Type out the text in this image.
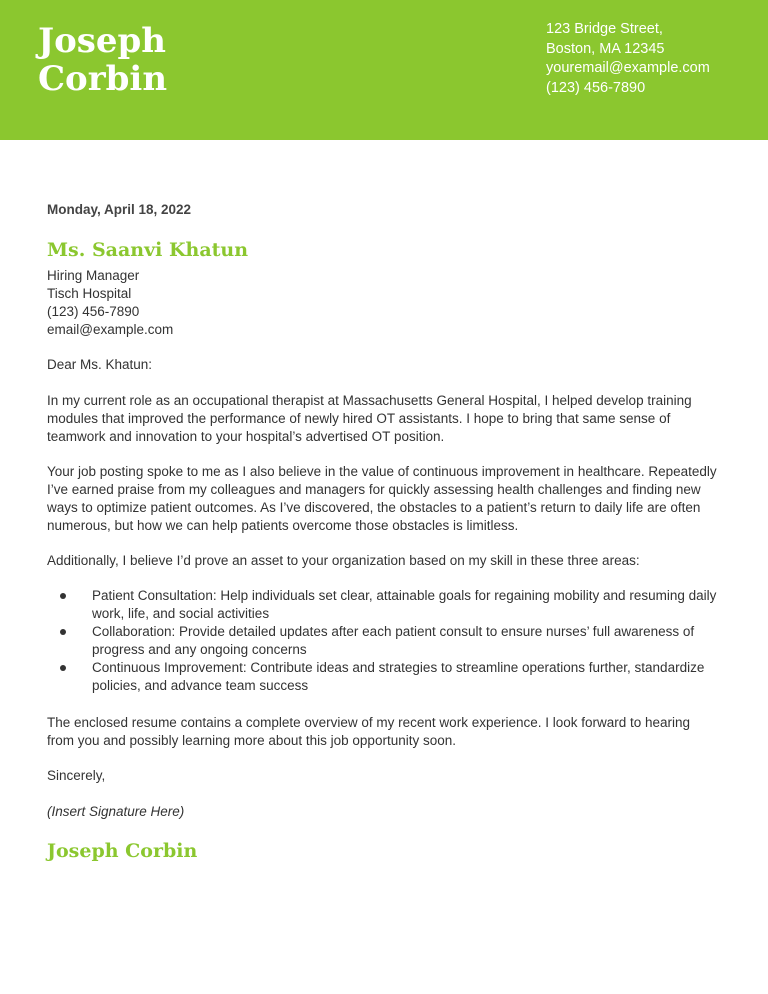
Joseph
Corbin
123 Bridge Street,
Boston, MA 12345
youremail@example.com
(123) 456-7890
Monday, April 18, 2022
Ms. Saanvi Khatun
Hiring Manager
Tisch Hospital
(123) 456-7890
email@example.com

Dear Ms. Khatun:

In my current role as an occupational therapist at Massachusetts General Hospital, I helped develop training modules that improved the performance of newly hired OT assistants. I hope to bring that same sense of teamwork and innovation to your hospital’s advertised OT position.

Your job posting spoke to me as I also believe in the value of continuous improvement in healthcare. Repeatedly I’ve earned praise from my colleagues and managers for quickly assessing health challenges and finding new ways to optimize patient outcomes. As I’ve discovered, the obstacles to a patient’s return to daily life are often numerous, but how we can help patients overcome those obstacles is limitless.

Additionally, I believe I’d prove an asset to your organization based on my skill in these three areas:

Patient Consultation: Help individuals set clear, attainable goals for regaining mobility and resuming daily work, life, and social activities
Collaboration: Provide detailed updates after each patient consult to ensure nurses’ full awareness of progress and any ongoing concerns
Continuous Improvement: Contribute ideas and strategies to streamline operations further, standardize policies, and advance team success

The enclosed resume contains a complete overview of my recent work experience. I look forward to hearing from you and possibly learning more about this job opportunity soon.

Sincerely,

(Insert Signature Here)

Joseph Corbin
